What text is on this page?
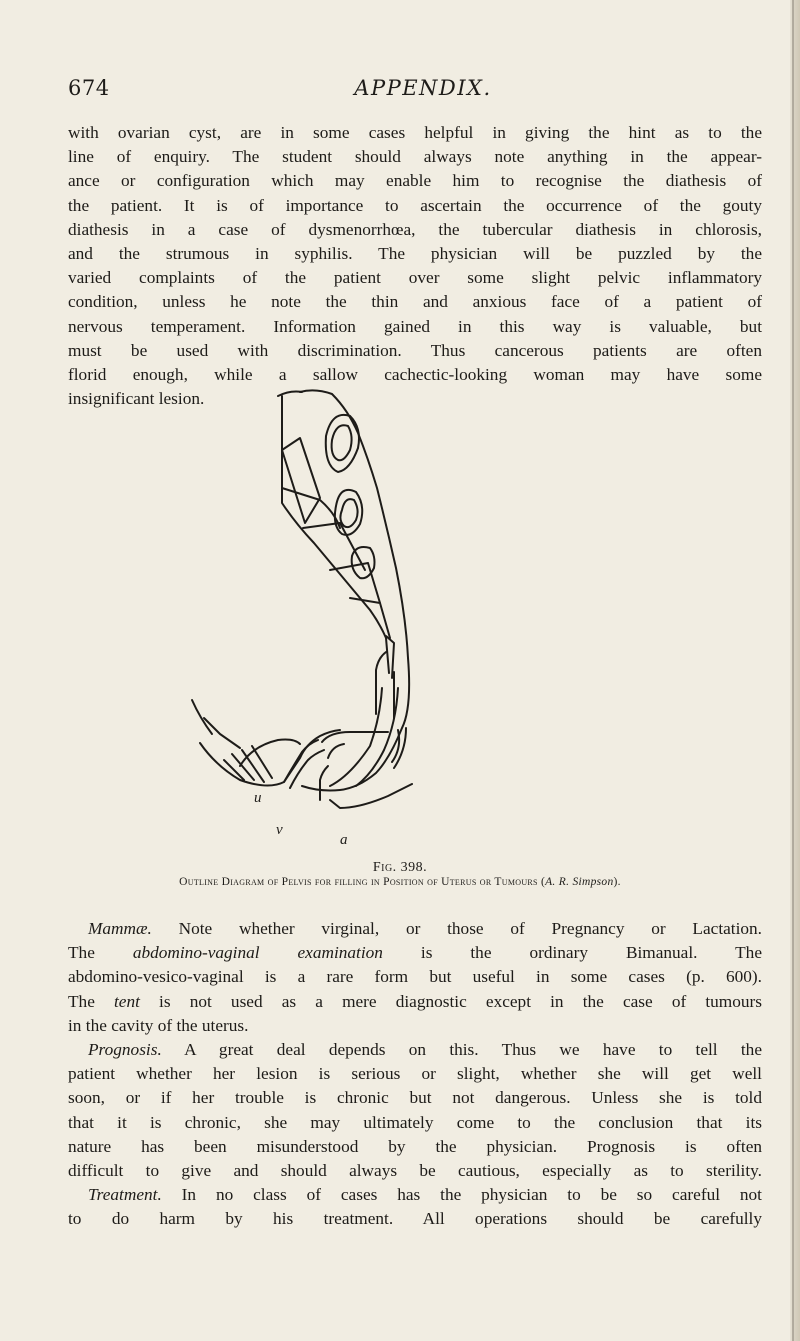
674	APPENDIX.
with ovarian cyst, are in some cases helpful in giving the hint as to the
line of enquiry. The student should always note anything in the appear-
ance or configuration which may enable him to recognise the diathesis of
the patient. It is of importance to ascertain the occurrence of the gouty
diathesis in a case of dysmenorrhœa, the tubercular diathesis in chlorosis,
and the strumous in syphilis. The physician will be puzzled by the
varied complaints of the patient over some slight pelvic inflammatory
condition, unless he note the thin and anxious face of a patient of
nervous temperament. Information gained in this way is valuable, but
must be used with discrimination. Thus cancerous patients are often
florid enough, while a sallow cachectic-looking woman may have some
insignificant lesion.
u
v
a
Fig. 398.
Outline Diagram of Pelvis for filling in Position of Uterus or Tumours (A. R. Simpson).
Mammæ. Note whether virginal, or those of Pregnancy or Lactation.
The abdomino-vaginal examination is the ordinary Bimanual. The
abdomino-vesico-vaginal is a rare form but useful in some cases (p. 600).
The tent is not used as a mere diagnostic except in the case of tumours
in the cavity of the uterus.
Prognosis. A great deal depends on this. Thus we have to tell the
patient whether her lesion is serious or slight, whether she will get well
soon, or if her trouble is chronic but not dangerous. Unless she is told
that it is chronic, she may ultimately come to the conclusion that its
nature has been misunderstood by the physician. Prognosis is often
difficult to give and should always be cautious, especially as to sterility.
Treatment. In no class of cases has the physician to be so careful not
to do harm by his treatment. All operations should be carefully
